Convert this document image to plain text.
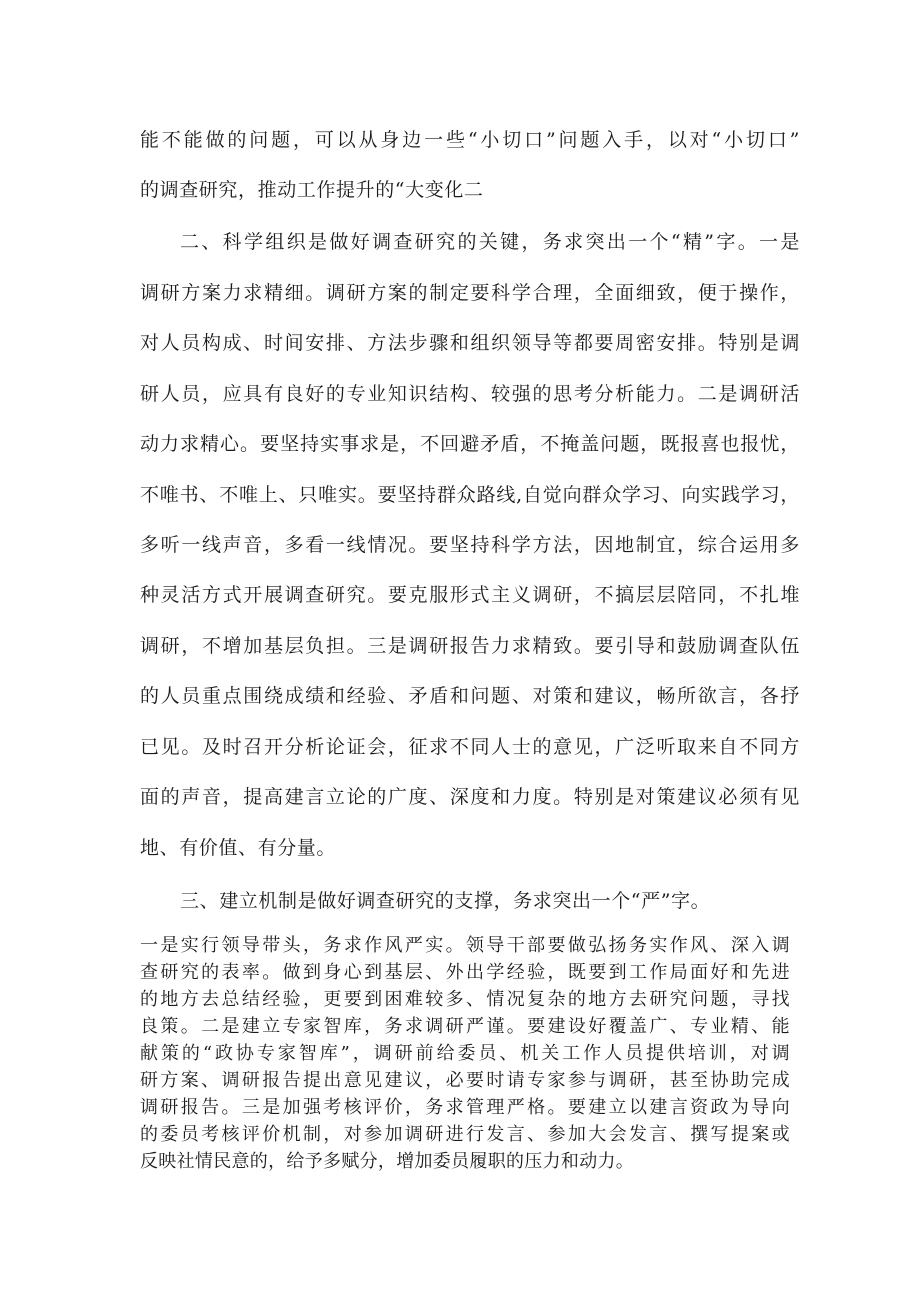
能不能做的问题，可以从身边一些“小切口”问题入手，以对“小切口”
的调查研究，推动工作提升的“大变化二
二、科学组织是做好调查研究的关键，务求突出一个“精”字。一是
调研方案力求精细。调研方案的制定要科学合理，全面细致，便于操作，
对人员构成、时间安排、方法步骤和组织领导等都要周密安排。特别是调
研人员，应具有良好的专业知识结构、较强的思考分析能力。二是调研活
动力求精心。要坚持实事求是，不回避矛盾，不掩盖问题，既报喜也报忧，
不唯书、不唯上、只唯实。要坚持群众路线,自觉向群众学习、向实践学习，
多听一线声音，多看一线情况。要坚持科学方法，因地制宜，综合运用多
种灵活方式开展调查研究。要克服形式主义调研，不搞层层陪同，不扎堆
调研，不增加基层负担。三是调研报告力求精致。要引导和鼓励调查队伍
的人员重点围绕成绩和经验、矛盾和问题、对策和建议，畅所欲言，各抒
已见。及时召开分析论证会，征求不同人士的意见，广泛听取来自不同方
面的声音，提高建言立论的广度、深度和力度。特别是对策建议必须有见
地、有价值、有分量。
三、建立机制是做好调查研究的支撑，务求突出一个“严”字。
一是实行领导带头，务求作风严实。领导干部要做弘扬务实作风、深入调
查研究的表率。做到身心到基层、外出学经验，既要到工作局面好和先进
的地方去总结经验，更要到困难较多、情况复杂的地方去研究问题，寻找
良策。二是建立专家智库，务求调研严谨。要建设好覆盖广、专业精、能
献策的“政协专家智库”，调研前给委员、机关工作人员提供培训，对调
研方案、调研报告提出意见建议，必要时请专家参与调研，甚至协助完成
调研报告。三是加强考核评价，务求管理严格。要建立以建言资政为导向
的委员考核评价机制，对参加调研进行发言、参加大会发言、撰写提案或
反映社情民意的，给予多赋分，增加委员履职的压力和动力。
